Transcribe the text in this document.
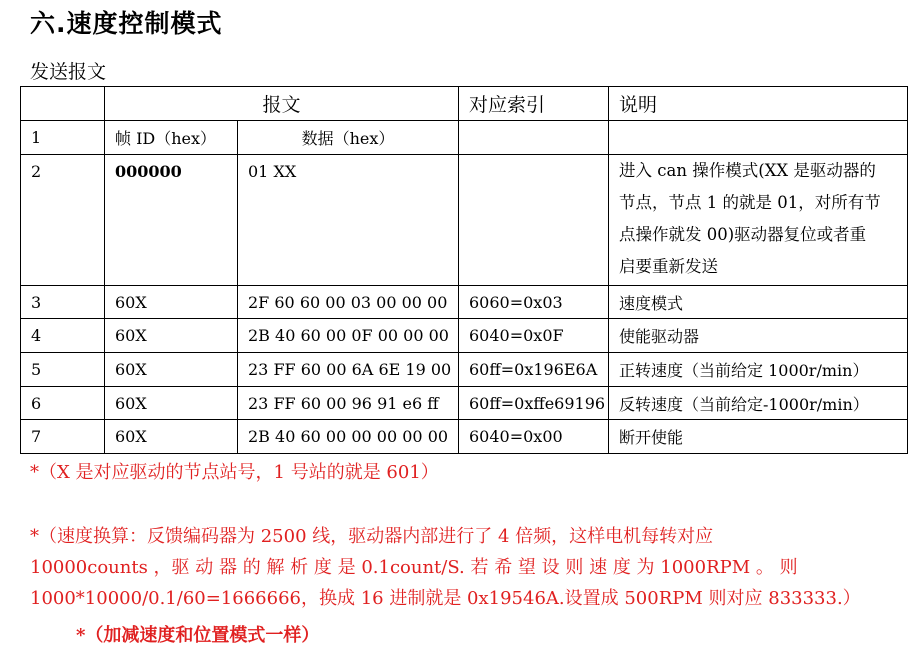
六.速度控制模式
发送报文
	报文		对应索引	说明
1	帧 ID（hex）	数据（hex）		
2	000000	01 XX		进入 can 操作模式(XX 是驱动器的
节点，节点 1 的就是 01，对所有节
点操作就发 00)驱动器复位或者重
启要重新发送

3	60X	2F 60 60 00 03 00 00 00	6060=0x03	速度模式
4	60X	2B 40 60 00 0F 00 00 00	6040=0x0F	使能驱动器
5	60X	23 FF 60 00 6A 6E 19 00	60ff=0x196E6A	正转速度（当前给定 1000r/min）
6	60X	23 FF 60 00 96 91 e6 ff	60ff=0xffe69196	反转速度（当前给定-1000r/min）
7	60X	2B 40 60 00 00 00 00 00	6040=0x00	断开使能
*（X 是对应驱动的节点站号，1 号站的就是 601）
*（速度换算：反馈编码器为 2500 线，驱动器内部进行了 4 倍频，这样电机每转对应
10000counts ，驱 动 器 的 解 析 度 是 0.1count/S. 若 希 望 设 则 速 度 为 1000RPM 。 则
1000*10000/0.1/60=1666666，换成 16 进制就是 0x19546A.设置成 500RPM 则对应 833333.）
*（加减速度和位置模式一样）
